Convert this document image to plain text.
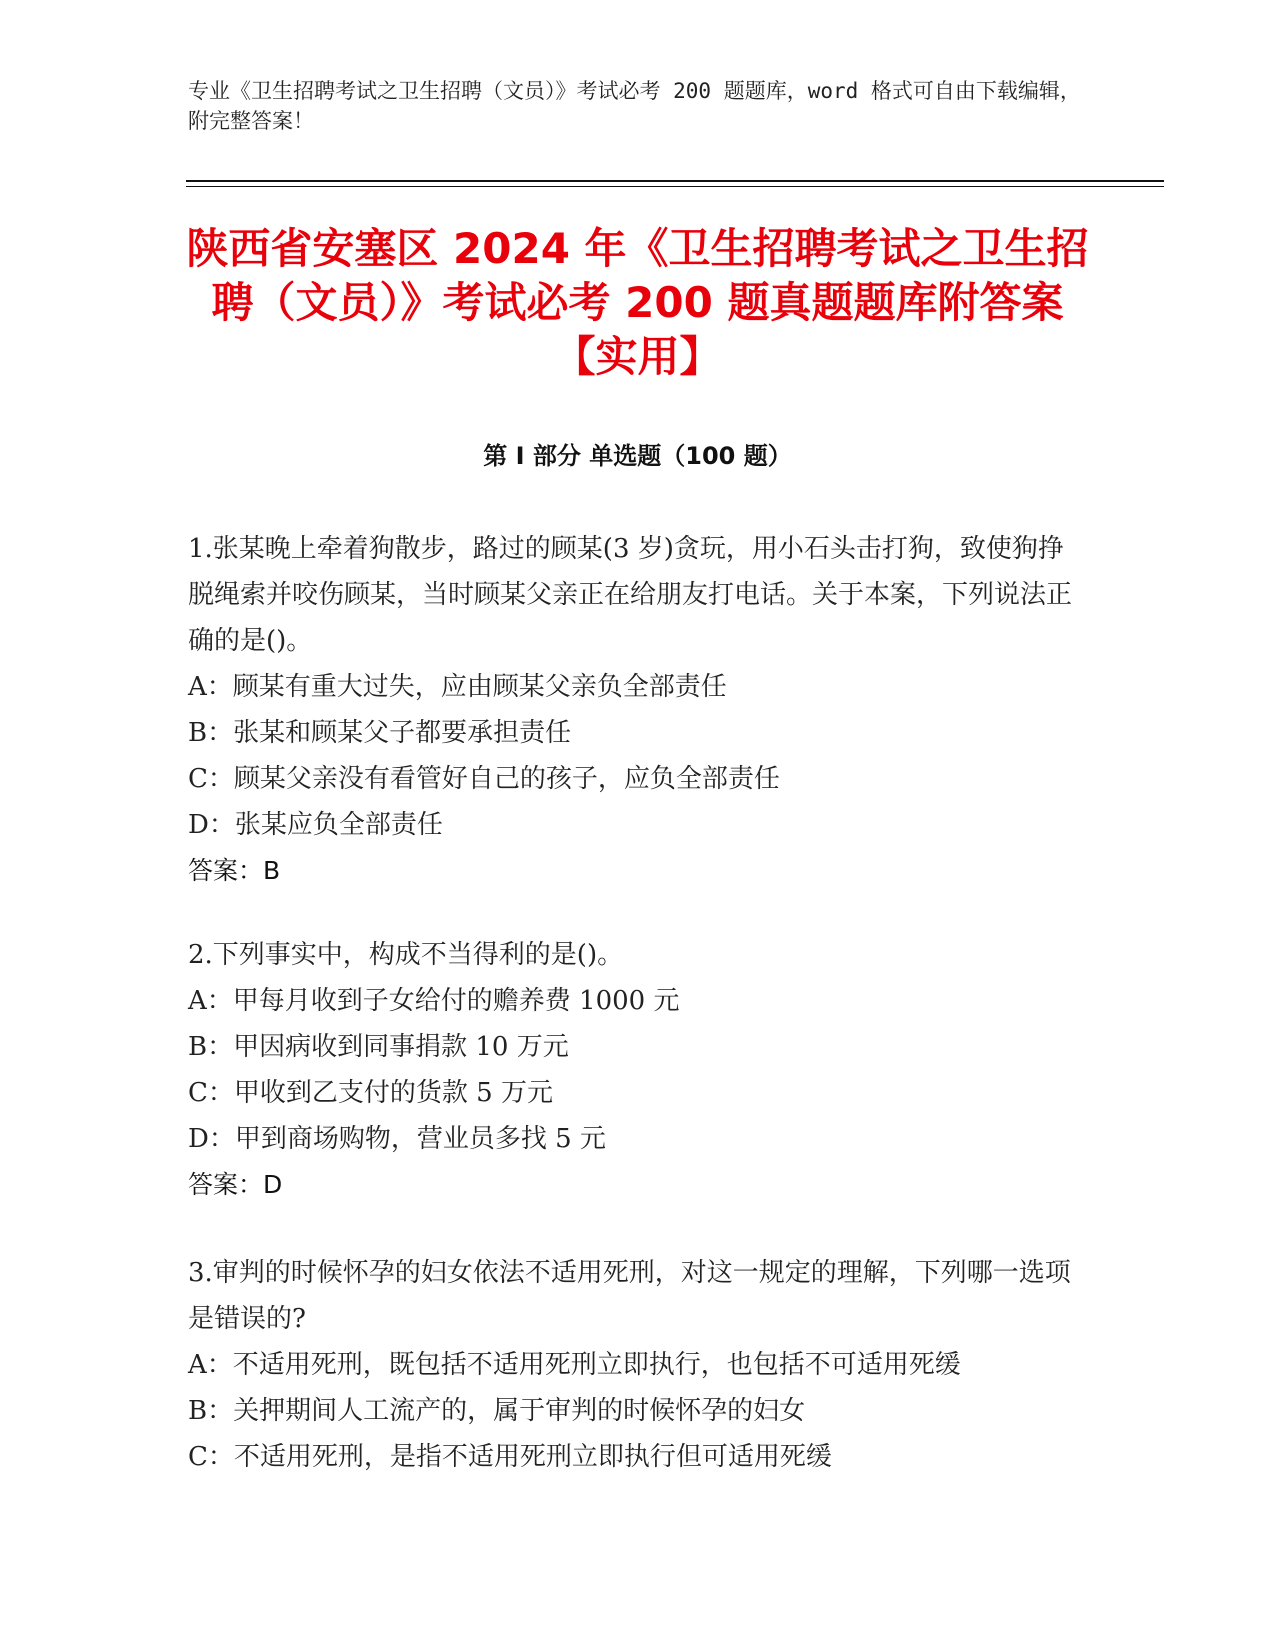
专业《卫生招聘考试之卫生招聘（文员）》考试必考 200 题题库，word 格式可自由下载编辑，附完整答案！
陕西省安塞区 2024 年《卫生招聘考试之卫生招聘（文员）》考试必考 200 题真题题库附答案【实用】
第 I 部分 单选题（100 题）

1.张某晚上牵着狗散步，路过的顾某(3 岁)贪玩，用小石头击打狗，致使狗挣脱绳索并咬伤顾某，当时顾某父亲正在给朋友打电话。关于本案，下列说法正确的是()。

A：顾某有重大过失，应由顾某父亲负全部责任

B：张某和顾某父子都要承担责任

C：顾某父亲没有看管好自己的孩子，应负全部责任

D：张某应负全部责任

答案：B

2.下列事实中，构成不当得利的是()。

A：甲每月收到子女给付的赡养费 1000 元

B：甲因病收到同事捐款 10 万元

C：甲收到乙支付的货款 5 万元

D：甲到商场购物，营业员多找 5 元

答案：D

3.审判的时候怀孕的妇女依法不适用死刑，对这一规定的理解，下列哪一选项是错误的?

A：不适用死刑，既包括不适用死刑立即执行，也包括不可适用死缓

B：关押期间人工流产的，属于审判的时候怀孕的妇女

C：不适用死刑，是指不适用死刑立即执行但可适用死缓
